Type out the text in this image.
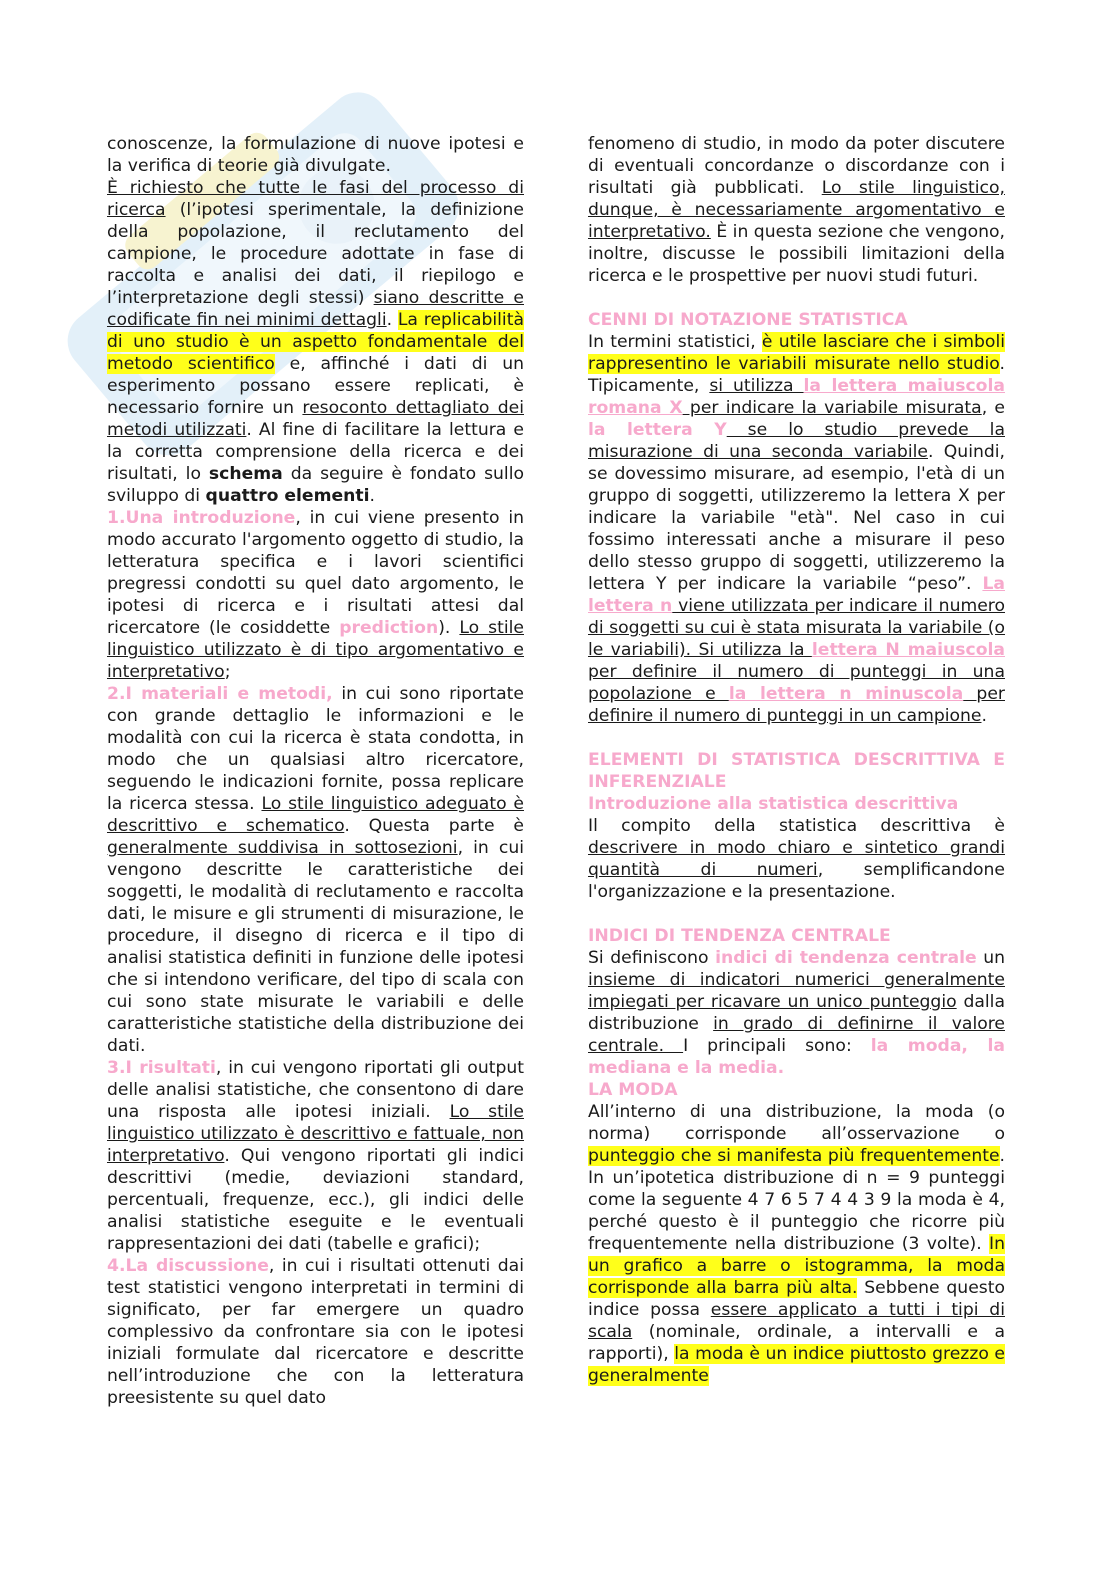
conoscenze, la formulazione di nuove ipotesi e la verifica di teorie già divulgate.

È richiesto che tutte le fasi del processo di ricerca (l’ipotesi sperimentale, la definizione della popolazione, il reclutamento del campione, le procedure adottate in fase di raccolta e analisi dei dati, il riepilogo e l’interpretazione degli stessi) siano descritte e codificate fin nei minimi dettagli. La replicabilità di uno studio è un aspetto fondamentale del metodo scientifico e, affinché i dati di un esperimento possano essere replicati, è necessario fornire un resoconto dettagliato dei metodi utilizzati. Al fine di facilitare la lettura e la corretta comprensione della ricerca e dei risultati, lo schema da seguire è fondato sullo sviluppo di quattro elementi.

1.Una introduzione, in cui viene presento in modo accurato l'argomento oggetto di studio, la letteratura specifica e i lavori scientifici pregressi condotti su quel dato argomento, le ipotesi di ricerca e i risultati attesi dal ricercatore (le cosiddette prediction). Lo stile linguistico utilizzato è di tipo argomentativo e interpretativo;

2.I materiali e metodi, in cui sono riportate con grande dettaglio le informazioni e le modalità con cui la ricerca è stata condotta, in modo che un qualsiasi altro ricercatore, seguendo le indicazioni fornite, possa replicare la ricerca stessa. Lo stile linguistico adeguato è descrittivo e schematico. Questa parte è generalmente suddivisa in sottosezioni, in cui vengono descritte le caratteristiche dei soggetti, le modalità di reclutamento e raccolta dati, le misure e gli strumenti di misurazione, le procedure, il disegno di ricerca e il tipo di analisi statistica definiti in funzione delle ipotesi che si intendono verificare, del tipo di scala con cui sono state misurate le variabili e delle caratteristiche statistiche della distribuzione dei dati.

3.I risultati, in cui vengono riportati gli output delle analisi statistiche, che consentono di dare una risposta alle ipotesi iniziali. Lo stile linguistico utilizzato è descrittivo e fattuale, non interpretativo. Qui vengono riportati gli indici descrittivi (medie, deviazioni standard, percentuali, frequenze, ecc.), gli indici delle analisi statistiche eseguite e le eventuali rappresentazioni dei dati (tabelle e grafici);

4.La discussione, in cui i risultati ottenuti dai test statistici vengono interpretati in termini di significato, per far emergere un quadro complessivo da confrontare sia con le ipotesi iniziali formulate dal ricercatore e descritte nell’introduzione che con la letteratura preesistente su quel dato

fenomeno di studio, in modo da poter discutere di eventuali concordanze o discordanze con i risultati già pubblicati. Lo stile linguistico, dunque, è necessariamente argomentativo e interpretativo. È in questa sezione che vengono, inoltre, discusse le possibili limitazioni della ricerca e le prospettive per nuovi studi futuri.

CENNI DI NOTAZIONE STATISTICA

In termini statistici, è utile lasciare che i simboli rappresentino le variabili misurate nello studio. Tipicamente, si utilizza la lettera maiuscola romana X per indicare la variabile misurata, e la lettera Y se lo studio prevede la misurazione di una seconda variabile. Quindi, se dovessimo misurare, ad esempio, l'età di un gruppo di soggetti, utilizzeremo la lettera X per indicare la variabile "età". Nel caso in cui fossimo interessati anche a misurare il peso dello stesso gruppo di soggetti, utilizzeremo la lettera Y per indicare la variabile “peso”. La lettera n viene utilizzata per indicare il numero di soggetti su cui è stata misurata la variabile (o le variabili). Si utilizza la lettera N maiuscola per definire il numero di punteggi in una popolazione e la lettera n minuscola per definire il numero di punteggi in un campione.

ELEMENTI DI STATISTICA DESCRITTIVA E INFERENZIALE
Introduzione alla statistica descrittiva

Il compito della statistica descrittiva è descrivere in modo chiaro e sintetico grandi quantità di numeri, semplificandone l'organizzazione e la presentazione.

INDICI DI TENDENZA CENTRALE

Si definiscono indici di tendenza centrale un insieme di indicatori numerici generalmente impiegati per ricavare un unico punteggio dalla distribuzione in grado di definirne il valore centrale. I principali sono: la moda, la mediana e la media.

LA MODA

All’interno di una distribuzione, la moda (o norma) corrisponde all’osservazione o punteggio che si manifesta più frequentemente. In un’ipotetica distribuzione di n = 9 punteggi come la seguente 4 7 6 5 7 4 4 3 9 la moda è 4, perché questo è il punteggio che ricorre più frequentemente nella distribuzione (3 volte). In un grafico a barre o istogramma, la moda corrisponde alla barra più alta. Sebbene questo indice possa essere applicato a tutti i tipi di scala (nominale, ordinale, a intervalli e a rapporti), la moda è un indice piuttosto grezzo e generalmente
